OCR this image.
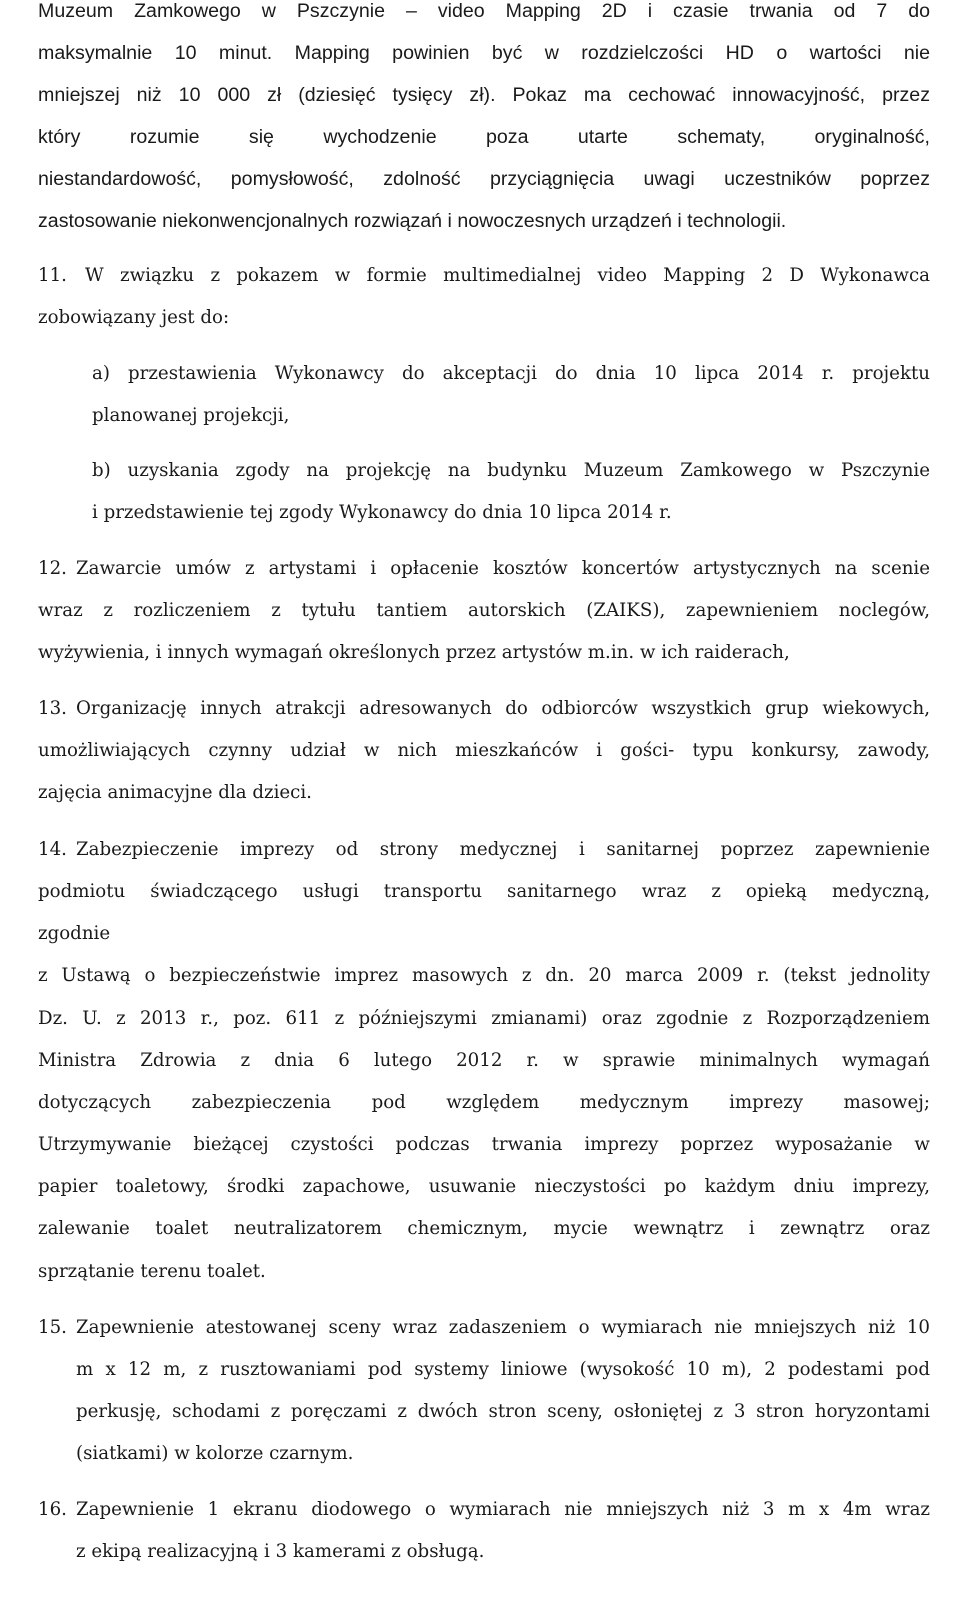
Muzeum Zamkowego w Pszczynie – video Mapping 2D i czasie trwania od 7 do
maksymalnie 10 minut. Mapping powinien być w rozdzielczości HD o wartości nie
mniejszej niż 10 000 zł (dziesięć tysięcy zł). Pokaz ma cechować innowacyjność, przez
który rozumie się wychodzenie poza utarte schematy, oryginalność,
niestandardowość, pomysłowość, zdolność przyciągnięcia uwagi uczestników poprzez
zastosowanie niekonwencjonalnych rozwiązań i nowoczesnych urządzeń i technologii.
11. W związku z pokazem w formie multimedialnej video Mapping 2 D Wykonawca
zobowiązany jest do:
a) przestawienia Wykonawcy do akceptacji do dnia 10 lipca 2014 r. projektu
planowanej projekcji,
b) uzyskania zgody na projekcję na budynku Muzeum Zamkowego w Pszczynie
i przedstawienie tej zgody Wykonawcy do dnia 10 lipca 2014 r.
12. Zawarcie umów z artystami i opłacenie kosztów koncertów artystycznych na scenie
wraz z rozliczeniem z tytułu tantiem autorskich (ZAIKS), zapewnieniem noclegów,
wyżywienia, i innych wymagań określonych przez artystów m.in. w ich raiderach,
13. Organizację innych atrakcji adresowanych do odbiorców wszystkich grup wiekowych,
umożliwiających czynny udział w nich mieszkańców i gości- typu konkursy, zawody,
zajęcia animacyjne dla dzieci.
14. Zabezpieczenie imprezy od strony medycznej i sanitarnej poprzez zapewnienie
podmiotu świadczącego usługi transportu sanitarnego wraz z opieką medyczną,
zgodnie
z Ustawą o bezpieczeństwie imprez masowych z dn. 20 marca 2009 r. (tekst jednolity
Dz. U. z 2013 r., poz. 611 z późniejszymi zmianami) oraz zgodnie z Rozporządzeniem
Ministra Zdrowia z dnia 6 lutego 2012 r. w sprawie minimalnych wymagań
dotyczących zabezpieczenia pod względem medycznym imprezy masowej;
Utrzymywanie bieżącej czystości podczas trwania imprezy poprzez wyposażanie w
papier toaletowy, środki zapachowe, usuwanie nieczystości po każdym dniu imprezy,
zalewanie toalet neutralizatorem chemicznym, mycie wewnątrz i zewnątrz oraz
sprzątanie terenu toalet.
15. Zapewnienie atestowanej sceny wraz zadaszeniem o wymiarach nie mniejszych niż 10
m x 12 m, z rusztowaniami pod systemy liniowe (wysokość 10 m), 2 podestami pod
perkusję, schodami z poręczami z dwóch stron sceny, osłoniętej z 3 stron horyzontami
(siatkami) w kolorze czarnym.
16. Zapewnienie 1 ekranu diodowego o wymiarach nie mniejszych niż 3 m x 4m wraz
z ekipą realizacyjną i 3 kamerami z obsługą.
